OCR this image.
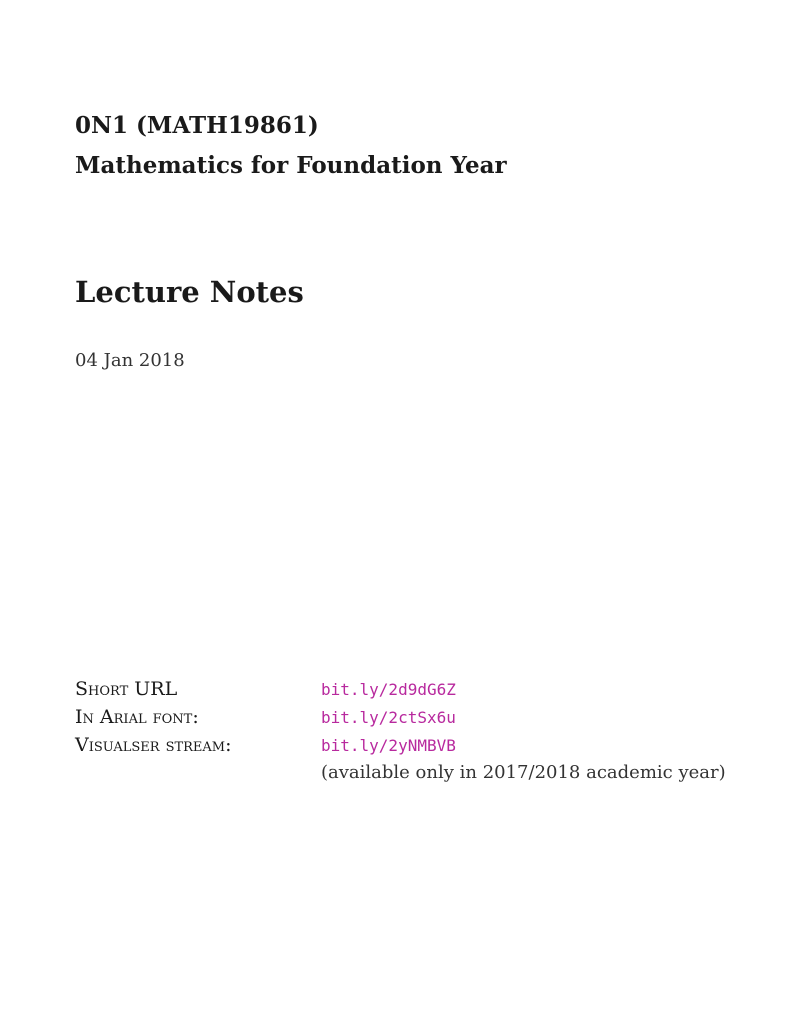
0N1 (MATH19861)
Mathematics for Foundation Year
Lecture Notes
04 Jan 2018
Short URL	bit.ly/2d9dG6Z
In Arial font:	bit.ly/2ctSx6u
Visualser stream:	bit.ly/2yNMBVB
(available only in 2017/2018 academic year)
